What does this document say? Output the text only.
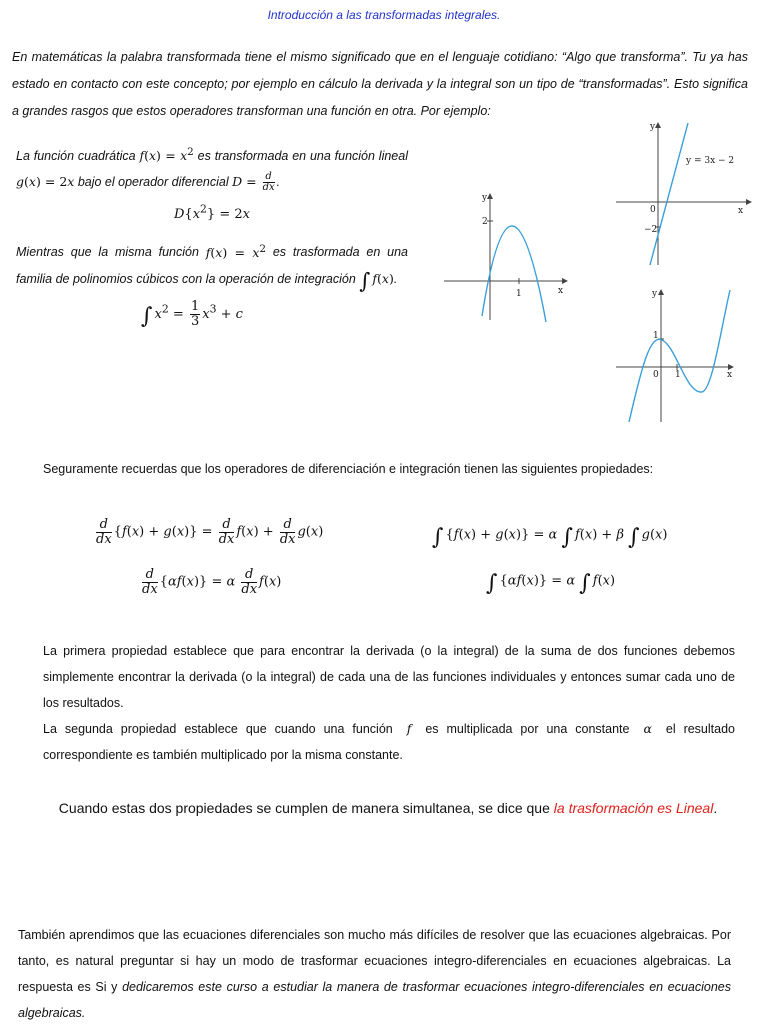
Introducción a las transformadas integrales.
En matemáticas la palabra transformada tiene el mismo significado que en el lenguaje cotidiano: “Algo que transforma”. Tu ya has estado en contacto con este concepto; por ejemplo en cálculo la derivada y la integral son un tipo de “transformadas”. Esto significa a grandes rasgos que estos operadores transforman una función en otra. Por ejemplo:

La función cuadrática $f(x) = x^2$ es transformada en una función lineal g(x) = 2x bajo el operador diferencial $D = \frac{d}{dx}$ .

$D\{x^2\} = 2x$

Mientras que la misma función $f(x) = x^2$ es trasformada en una familia de polinomios cúbicos con la operación de integración ∫ f(x).

∫ $x^2 = \frac{1}{3} x^3 + c$
y
x
2
1
y
x
0
−2
y = 3x − 2
y
x
0 1
1
Seguramente recuerdas que los operadores de diferenciación e integración tienen las siguientes propiedades:
$\frac{d}{dx} \{f(x) + g(x)\} = \frac{d}{dx} f(x) + \frac{d}{dx} g(x)$
$\frac{d}{dx} \{\alpha f(x)\} = \alpha \frac{d}{dx} f(x)$
∫ {f(x) + g(x)} = α ∫ f(x) + β ∫ g(x)
∫ {αf(x)} = α ∫ f(x)

La primera propiedad establece que para encontrar la derivada (o la integral) de la suma de dos funciones debemos simplemente encontrar la derivada (o la integral) de cada una de las funciones individuales y entonces sumar cada uno de los resultados.

La segunda propiedad establece que cuando una función f es multiplicada por una constante α el resultado correspondiente es también multiplicado por la misma constante.

Cuando estas dos propiedades se cumplen de manera simultanea, se dice que la trasformación es Lineal.
También aprendimos que las ecuaciones diferenciales son mucho más difíciles de resolver que las ecuaciones algebraicas. Por tanto, es natural preguntar si hay un modo de trasformar ecuaciones integro-diferenciales en ecuaciones algebraicas. La respuesta es Si y dedicaremos este curso a estudiar la manera de trasformar ecuaciones integro-diferenciales en ecuaciones algebraicas.
